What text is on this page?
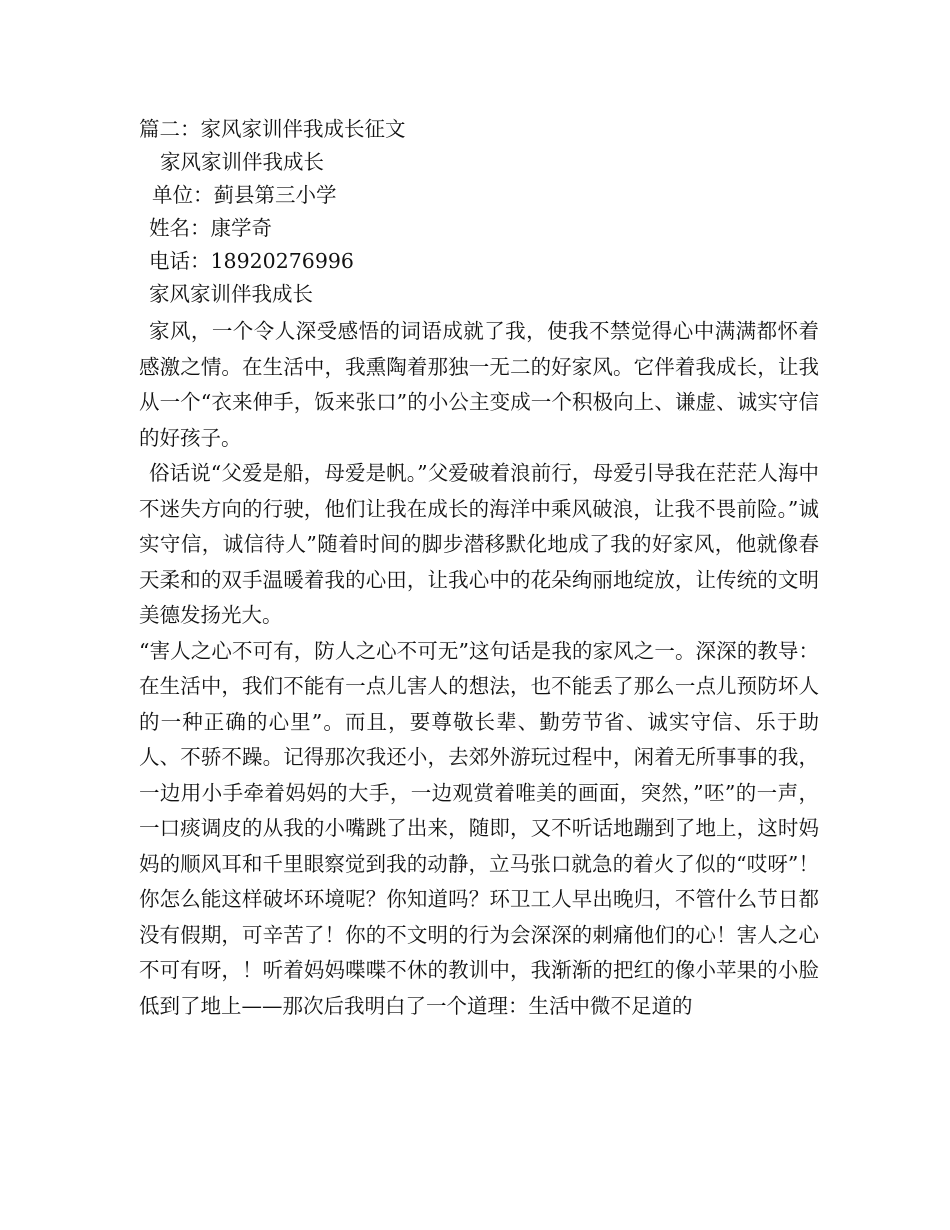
篇二：家风家训伴我成长征文
家风家训伴我成长
单位：蓟县第三小学
姓名：康学奇
电话：18920276996
家风家训伴我成长
家风，一个令人深受感悟的词语成就了我，使我不禁觉得心中满满都怀着感激之情。在生活中，我熏陶着那独一无二的好家风。它伴着我成长，让我从一个“衣来伸手，饭来张口”的小公主变成一个积极向上、谦虚、诚实守信的好孩子。
俗话说“父爱是船，母爱是帆。”父爱破着浪前行，母爱引导我在茫茫人海中不迷失方向的行驶，他们让我在成长的海洋中乘风破浪，让我不畏前险。”诚实守信，诚信待人”随着时间的脚步潜移默化地成了我的好家风，他就像春天柔和的双手温暖着我的心田，让我心中的花朵绚丽地绽放，让传统的文明美德发扬光大。
“害人之心不可有，防人之心不可无”这句话是我的家风之一。深深的教导：在生活中，我们不能有一点儿害人的想法，也不能丢了那么一点儿预防坏人的一种正确的心里”。而且，要尊敬长辈、勤劳节省、诚实守信、乐于助人、不骄不躁。记得那次我还小，去郊外游玩过程中，闲着无所事事的我，一边用小手牵着妈妈的大手，一边观赏着唯美的画面，突然，”呸”的一声，一口痰调皮的从我的小嘴跳了出来，随即，又不听话地蹦到了地上，这时妈妈的顺风耳和千里眼察觉到我的动静，立马张口就急的着火了似的“哎呀”！你怎么能这样破坏环境呢？你知道吗？环卫工人早出晚归，不管什么节日都没有假期，可辛苦了！你的不文明的行为会深深的刺痛他们的心！害人之心不可有呀，！听着妈妈喋喋不休的教训中，我渐渐的把红的像小苹果的小脸低到了地上——那次后我明白了一个道理：生活中微不足道的
